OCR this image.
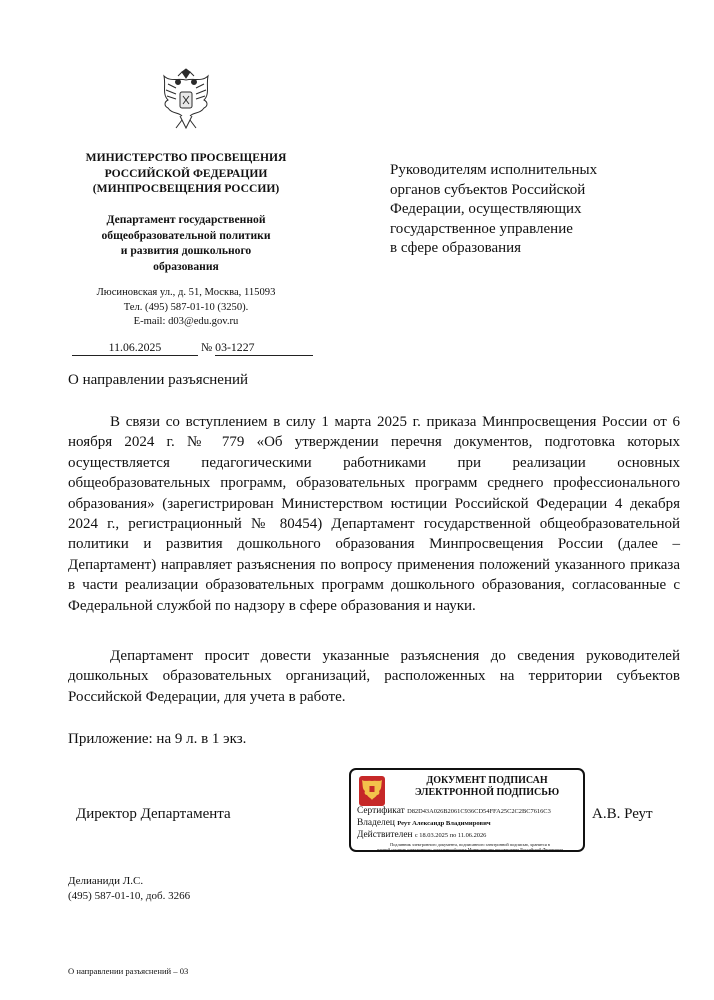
МИНИСТЕРСТВО ПРОСВЕЩЕНИЯ
РОССИЙСКОЙ ФЕДЕРАЦИИ
(МИНПРОСВЕЩЕНИЯ РОССИИ)
Департамент государственной
общеобразовательной политики
и развития дошкольного
образования
Люсиновская ул., д. 51, Москва, 115093
Тел. (495) 587-01-10 (3250).
E-mail: d03@edu.gov.ru
11.06.2025	№ 03-1227
Руководителям исполнительных
органов субъектов Российской
Федерации, осуществляющих
государственное управление
в сфере образования
О направлении разъяснений
В связи со вступлением в силу 1 марта 2025 г. приказа Минпросвещения России от 6 ноября 2024 г. № 779 «Об утверждении перечня документов, подготовка которых осуществляется педагогическими работниками при реализации основных общеобразовательных программ, образовательных программ среднего профессионального образования» (зарегистрирован Министерством юстиции Российской Федерации 4 декабря 2024 г., регистрационный № 80454) Департамент государственной общеобразовательной политики и развития дошкольного образования Минпросвещения России (далее – Департамент) направляет разъяснения по вопросу применения положений указанного приказа в части реализации образовательных программ дошкольного образования, согласованные с Федеральной службой по надзору в сфере образования и науки.
Департамент просит довести указанные разъяснения до сведения руководителей дошкольных образовательных организаций, расположенных на территории субъектов Российской Федерации, для учета в работе.
Приложение: на 9 л. в 1 экз.
Директор Департамента	А.В. Реут
ДОКУМЕНТ ПОДПИСАН
ЭЛЕКТРОННОЙ ПОДПИСЬЮ
Сертификат D82D43A026B2061C936CD54FFA25C2C2BC7616C3
Владелец Реут Александр Владимирович
Действителен с 18.03.2025 по 11.06.2026
Подлинник электронного документа, подписанного электронной подписью, хранится в
единой системе электронного документооборота Министерства просвещения Российской Федерации
Делианиди Л.С.
(495) 587-01-10, доб. 3266
О направлении разъяснений – 03
